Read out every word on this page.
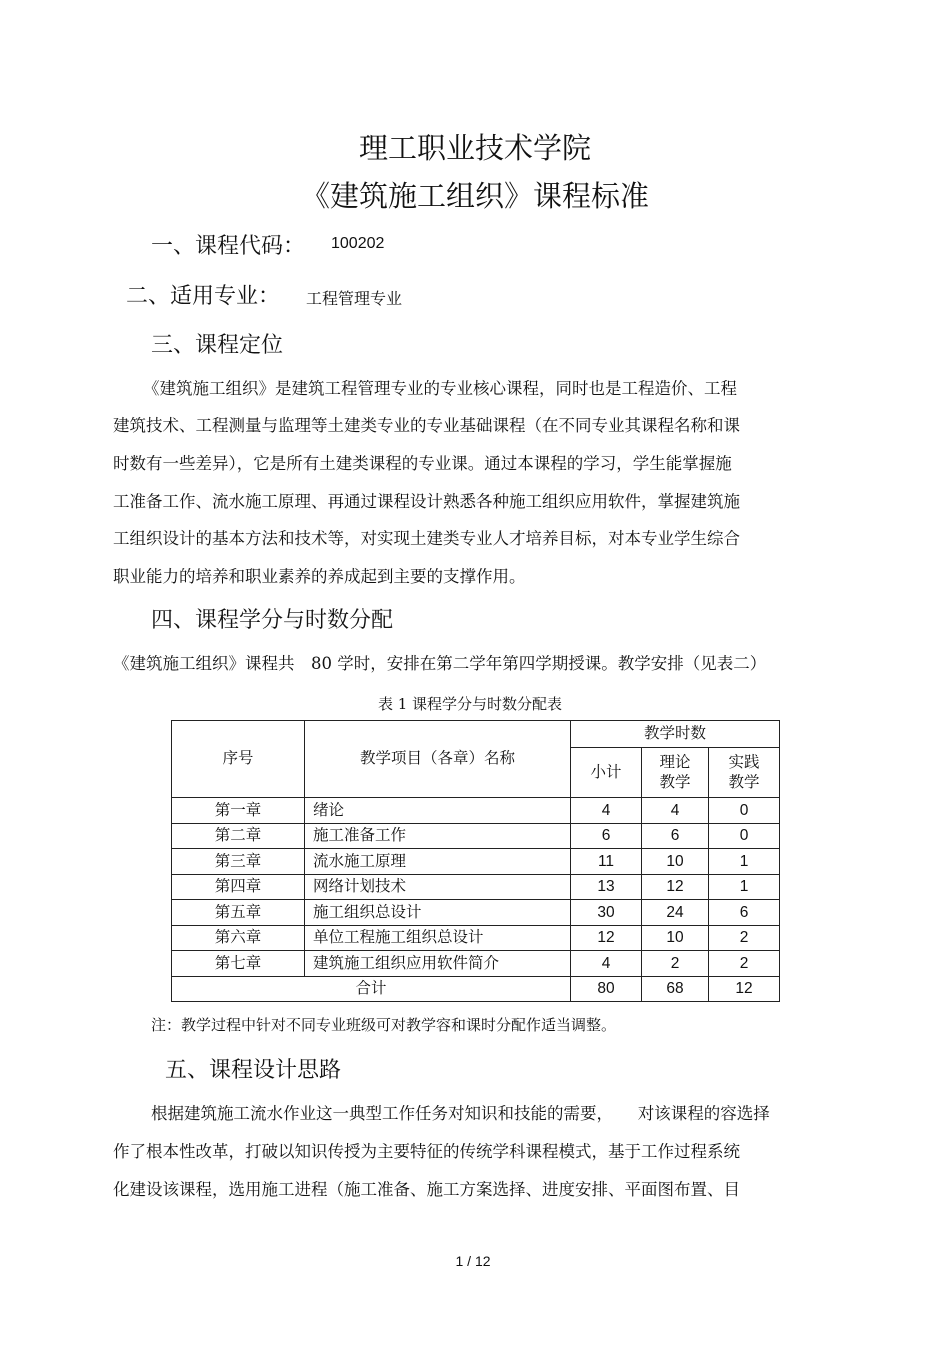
理工职业技术学院
《建筑施工组织》课程标准
一、课程代码： 100202
二、适用专业： 工程管理专业
三、课程定位
《建筑施工组织》是建筑工程管理专业的专业核心课程，同时也是工程造价、工程
建筑技术、工程测量与监理等土建类专业的专业基础课程（在不同专业其课程名称和课
时数有一些差异），它是所有土建类课程的专业课。通过本课程的学习，学生能掌握施
工准备工作、流水施工原理、再通过课程设计熟悉各种施工组织应用软件，掌握建筑施
工组织设计的基本方法和技术等，对实现土建类专业人才培养目标，对本专业学生综合
职业能力的培养和职业素养的养成起到主要的支撑作用。
四、课程学分与时数分配
《建筑施工组织》课程共　80 学时，安排在第二学年第四学期授课。教学安排（见表二）
表 1 课程学分与时数分配表
序号	教学项目（各章）名称	教学时数		
		小计	理论教学	实践教学

第一章	绪论	4	4	0
第二章	施工准备工作	6	6	0
第三章	流水施工原理	11	10	1
第四章	网络计划技术	13	12	1
第五章	施工组织总设计	30	24	6
第六章	单位工程施工组织总设计	12	10	2
第七章	建筑施工组织应用软件简介	4	2	2
合计		80	68	12
注：教学过程中针对不同专业班级可对教学容和课时分配作适当调整。
五、课程设计思路
根据建筑施工流水作业这一典型工作任务对知识和技能的需要，　　对该课程的容选择
作了根本性改革，打破以知识传授为主要特征的传统学科课程模式，基于工作过程系统
化建设该课程，选用施工进程（施工准备、施工方案选择、进度安排、平面图布置、目
1 / 12
